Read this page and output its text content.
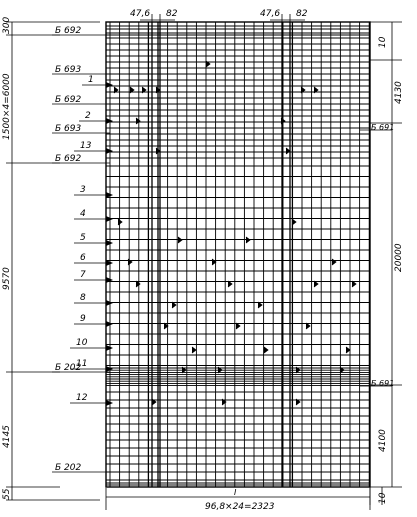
47,6 82	47,6 82
Б 692
Б 693
Б 692
Б 693
Б 692
Б 202
Б 202
1
2
13
3
4
5
6
7
8
9
10
11
12
300
1500×4=6000
9570
4145
55
10
4130
Б 691
20000
Б 691
4100
10
I
96,8×24=2323
